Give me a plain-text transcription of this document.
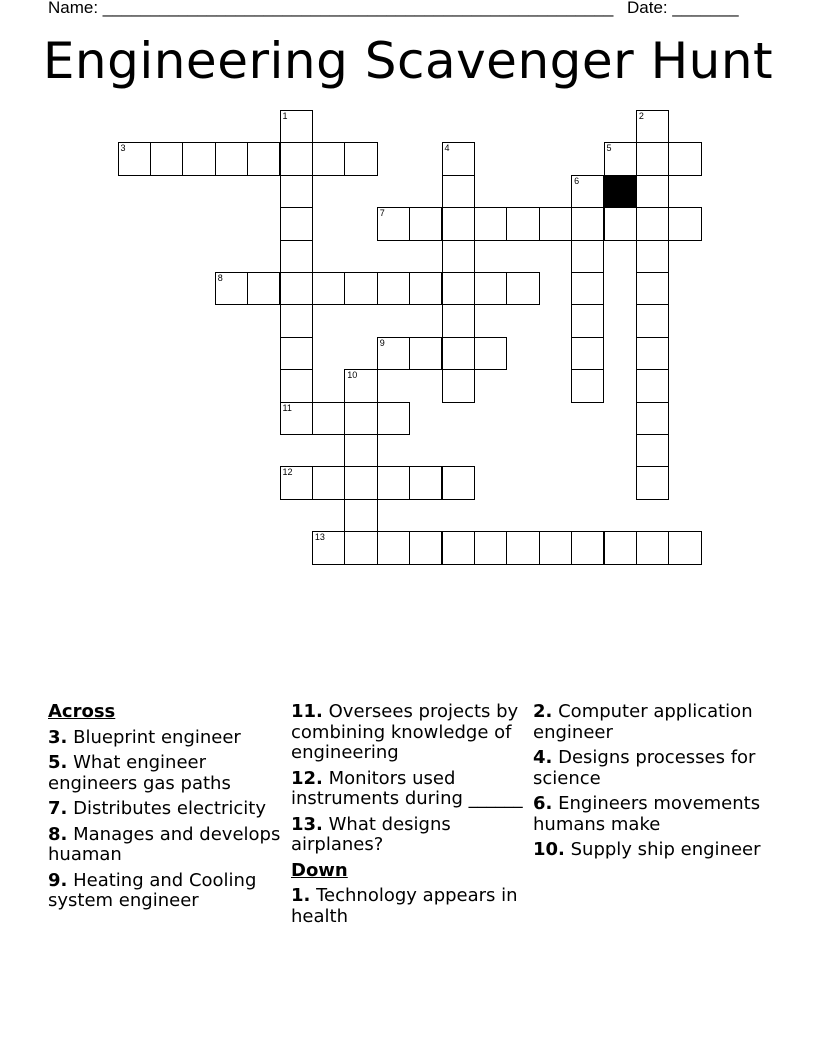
Name: ______________________________________________________ Date: _______
Engineering Scavenger Hunt
1
11
2
3	4	5
6
7
8
9
10
12
13
Across
3. Blueprint engineer
5. What engineer engineers gas paths
7. Distributes electricity
8. Manages and develops huaman
9. Heating and Cooling system engineer
11. Oversees projects by combining knowledge of engineering
12. Monitors used instruments during ______
13. What designs airplanes?
Down
1. Technology appears in health
2. Computer application engineer
4. Designs processes for science
6. Engineers movements humans make
10. Supply ship engineer
